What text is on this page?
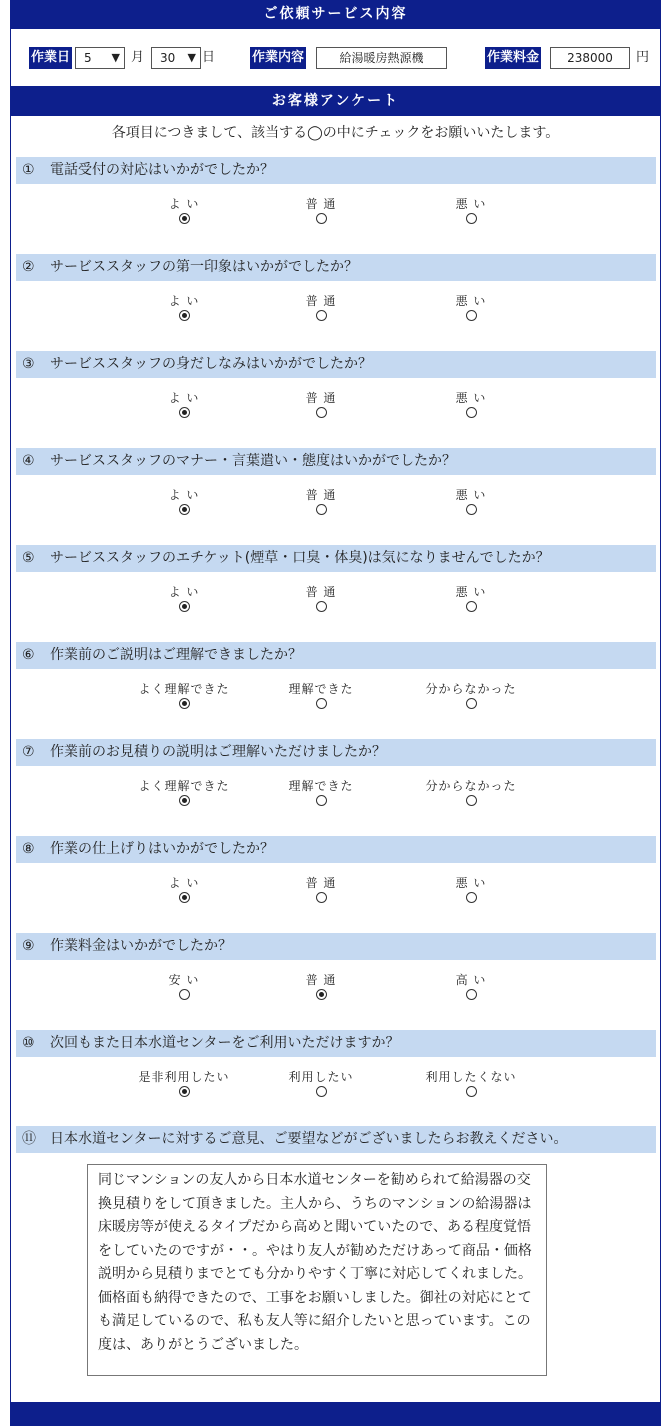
ご依頼サービス内容
作業日	5 ▼ 月	30 ▼ 日	作業内容	給湯暖房熱源機	作業料金	238000	円
お客様アンケート
各項目につきまして、該当する◯の中にチェックをお願いいたします。
① 電話受付の対応はいかがでしたか？
よ い	普 通	悪 い
② サービススタッフの第一印象はいかがでしたか？
よ い	普 通	悪 い
③ サービススタッフの身だしなみはいかがでしたか？
よ い	普 通	悪 い
④ サービススタッフのマナー・言葉遣い・態度はいかがでしたか？
よ い	普 通	悪 い
⑤ サービススタッフのエチケット(煙草・口臭・体臭)は気になりませんでしたか？
よ い	普 通	悪 い
⑥ 作業前のご説明はご理解できましたか？
よく理解できた	理解できた	分からなかった
⑦ 作業前のお見積りの説明はご理解いただけましたか？
よく理解できた	理解できた	分からなかった
⑧ 作業の仕上げりはいかがでしたか？
よ い	普 通	悪 い
⑨ 作業料金はいかがでしたか？
安 い	普 通	高 い
⑩ 次回もまた日本水道センターをご利用いただけますか？
是非利用したい	利用したい	利用したくない
⑪ 日本水道センターに対するご意見、ご要望などがございましたらお教えください。
同じマンションの友人から日本水道センターを勧められて給湯器の交換見積りをして頂きました。主人から、うちのマンションの給湯器は床暖房等が使えるタイプだから高めと聞いていたので、ある程度覚悟をしていたのですが・・。やはり友人が勧めただけあって商品・価格説明から見積りまでとても分かりやすく丁寧に対応してくれました。価格面も納得できたので、工事をお願いしました。御社の対応にとても満足しているので、私も友人等に紹介したいと思っています。この度は、ありがとうございました。
